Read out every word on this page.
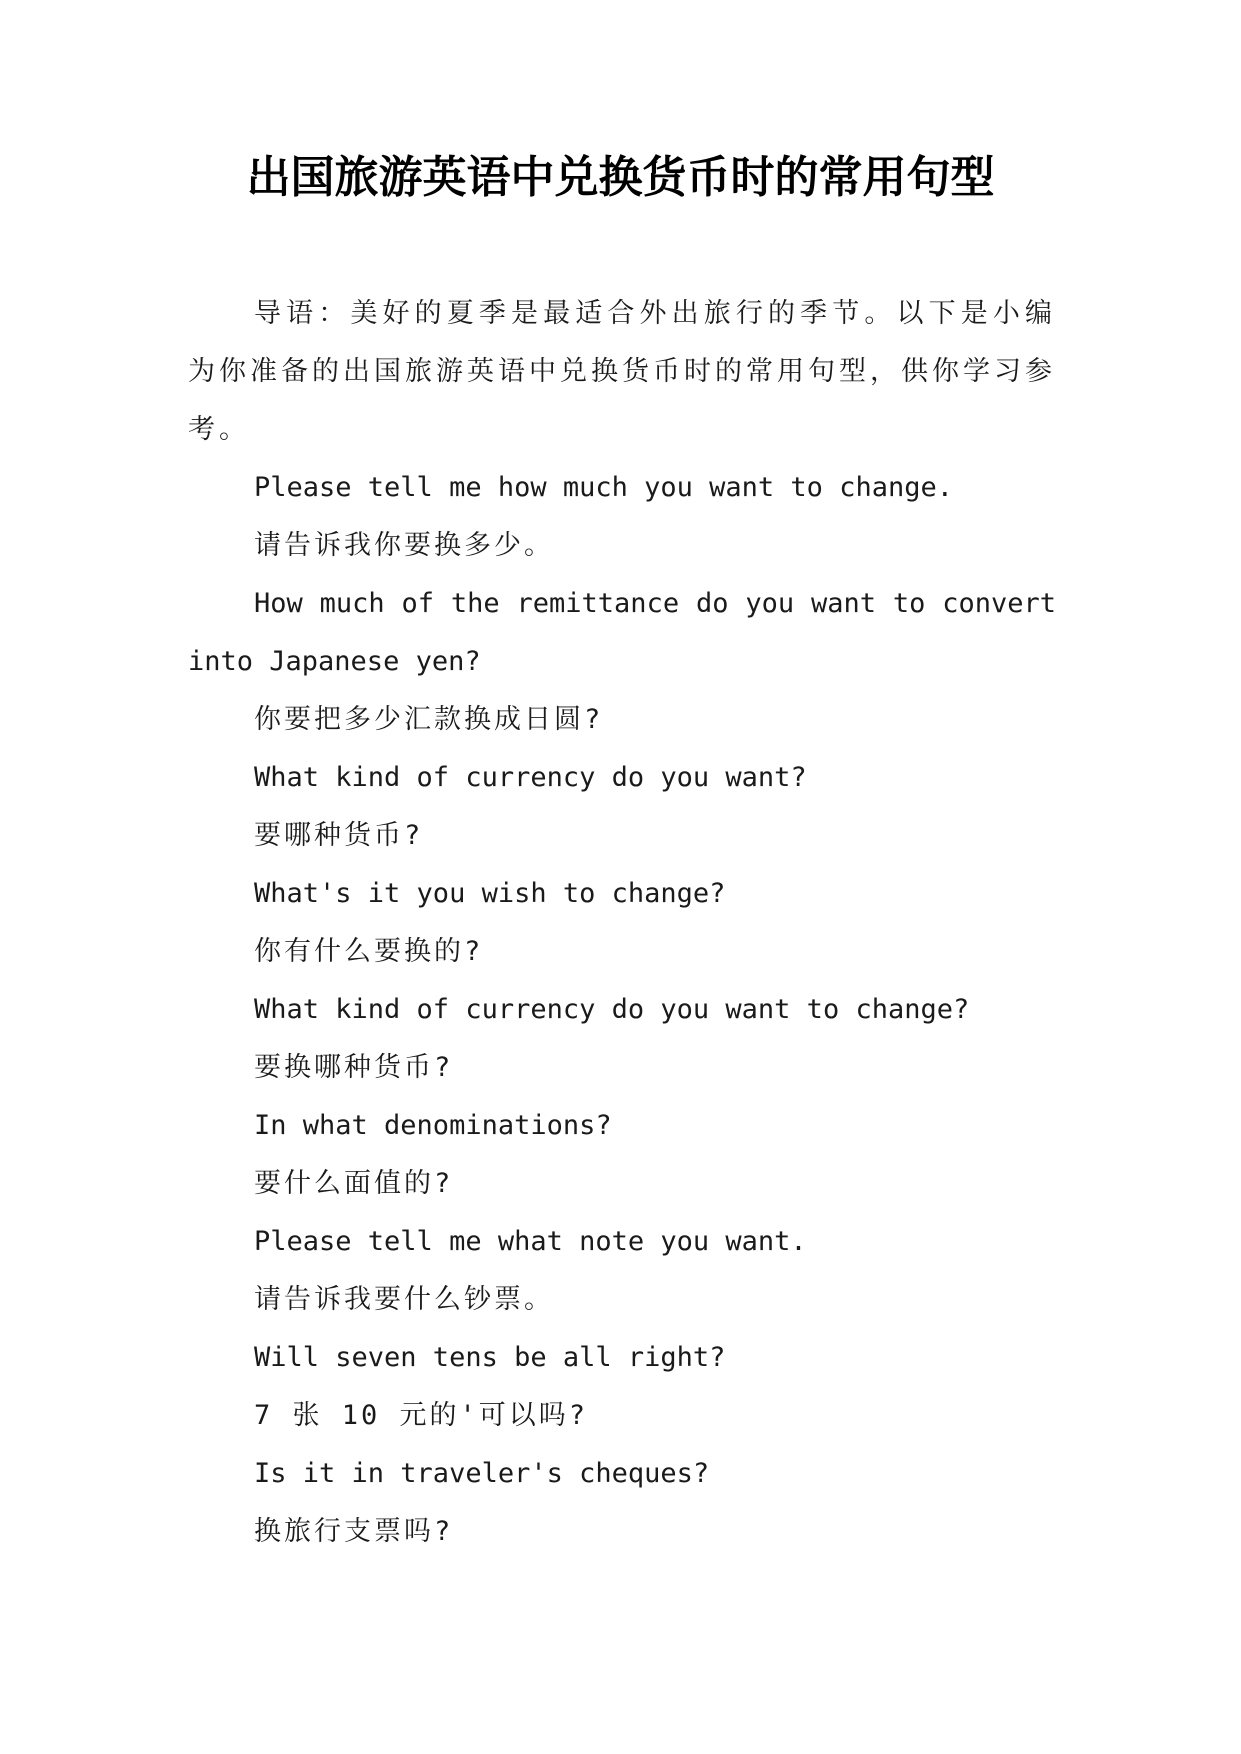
出国旅游英语中兑换货币时的常用句型

导语：美好的夏季是最适合外出旅行的季节。以下是小编为你准备的出国旅游英语中兑换货币时的常用句型，供你学习参考。

Please tell me how much you want to change.

请告诉我你要换多少。

How much of the remittance do you want to convert into Japanese yen?

你要把多少汇款换成日圆?

What kind of currency do you want?

要哪种货币?

What's it you wish to change?

你有什么要换的?

What kind of currency do you want to change?

要换哪种货币?

In what denominations?

要什么面值的?

Please tell me what note you want.

请告诉我要什么钞票。

Will seven tens be all right?

7 张 10 元的'可以吗?

Is it in traveler's cheques?

换旅行支票吗?
